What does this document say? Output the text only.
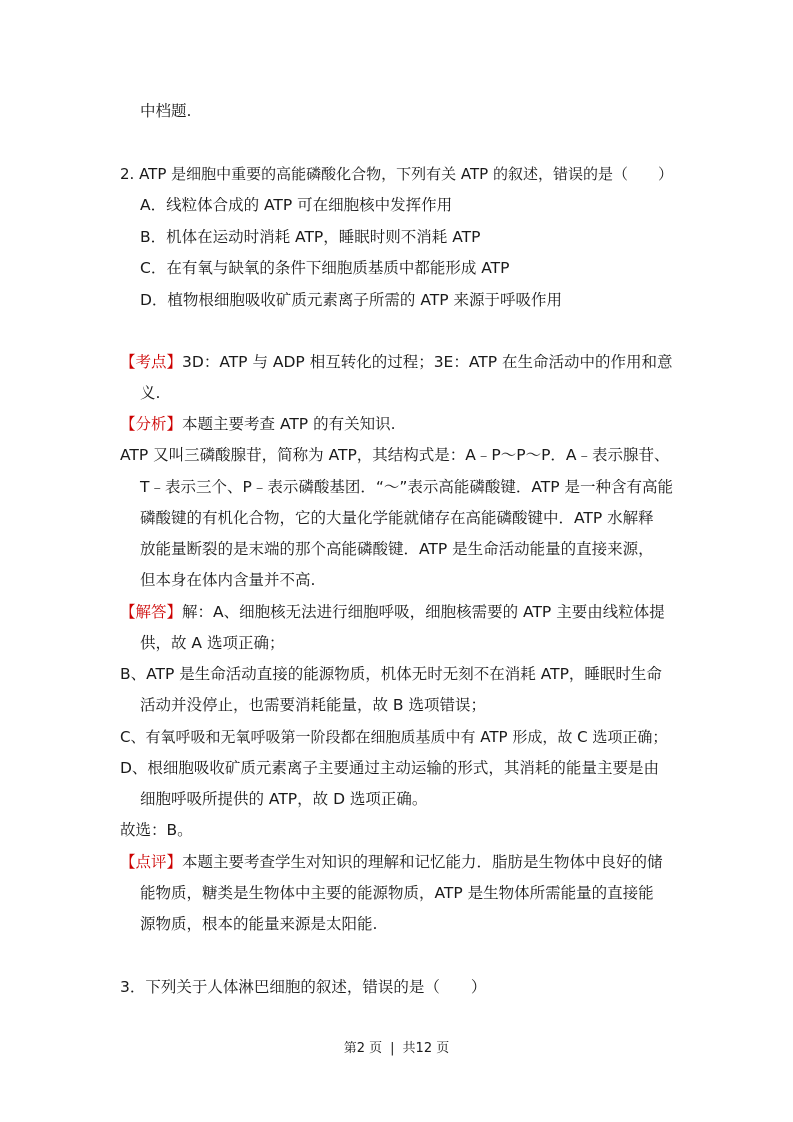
中档题.
2. ATP 是细胞中重要的高能磷酸化合物，下列有关 ATP 的叙述，错误的是（　　）
A．线粒体合成的 ATP 可在细胞核中发挥作用
B．机体在运动时消耗 ATP，睡眠时则不消耗 ATP
C．在有氧与缺氧的条件下细胞质基质中都能形成 ATP
D．植物根细胞吸收矿质元素离子所需的 ATP 来源于呼吸作用
【考点】3D：ATP 与 ADP 相互转化的过程；3E：ATP 在生命活动中的作用和意
义.
【分析】本题主要考查 ATP 的有关知识.
ATP 又叫三磷酸腺苷，简称为 ATP，其结构式是：A﹣P～P～P．A﹣表示腺苷、
T﹣表示三个、P﹣表示磷酸基团．“～”表示高能磷酸键．ATP 是一种含有高能
磷酸键的有机化合物，它的大量化学能就储存在高能磷酸键中．ATP 水解释
放能量断裂的是末端的那个高能磷酸键．ATP 是生命活动能量的直接来源，
但本身在体内含量并不高.
【解答】解：A、细胞核无法进行细胞呼吸，细胞核需要的 ATP 主要由线粒体提
供，故 A 选项正确；
B、ATP 是生命活动直接的能源物质，机体无时无刻不在消耗 ATP，睡眠时生命
活动并没停止，也需要消耗能量，故 B 选项错误；
C、有氧呼吸和无氧呼吸第一阶段都在细胞质基质中有 ATP 形成，故 C 选项正确；
D、根细胞吸收矿质元素离子主要通过主动运输的形式，其消耗的能量主要是由
细胞呼吸所提供的 ATP，故 D 选项正确。
故选：B。
【点评】本题主要考查学生对知识的理解和记忆能力．脂肪是生物体中良好的储
能物质，糖类是生物体中主要的能源物质，ATP 是生物体所需能量的直接能
源物质，根本的能量来源是太阳能.
3．下列关于人体淋巴细胞的叙述，错误的是（　　）
第2 页 | 共12 页
